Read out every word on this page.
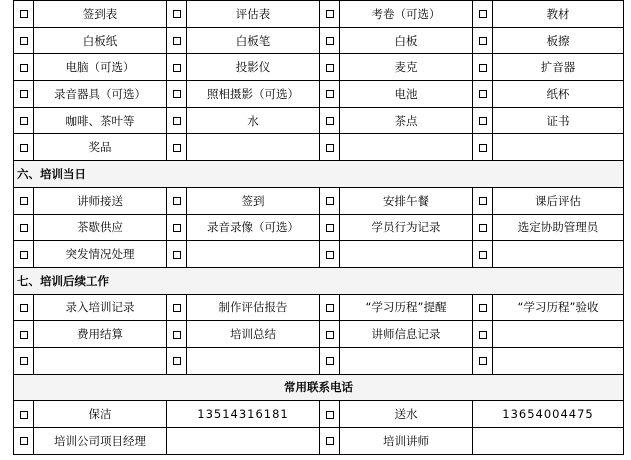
	签到表		评估表		考卷（可选）		教材
	白板纸		白板笔		白板		板擦
	电脑（可选）		投影仪		麦克		扩音器
	录音器具（可选）		照相摄影（可选）		电池		纸杯
	咖啡、茶叶等		水		茶点		证书
	奖品						
六、培训当日							
	讲师接送		签到		安排午餐		课后评估
	茶歇供应		录音录像（可选）		学员行为记录		选定协助管理员
	突发情况处理						
七、培训后续工作							
	录入培训记录		制作评估报告		“学习历程”提醒		“学习历程”验收
	费用结算		培训总结		讲师信息记录		

常用联系电话							
	保洁	13514316181			送水	13654004475	
	培训公司项目经理				培训讲师		
